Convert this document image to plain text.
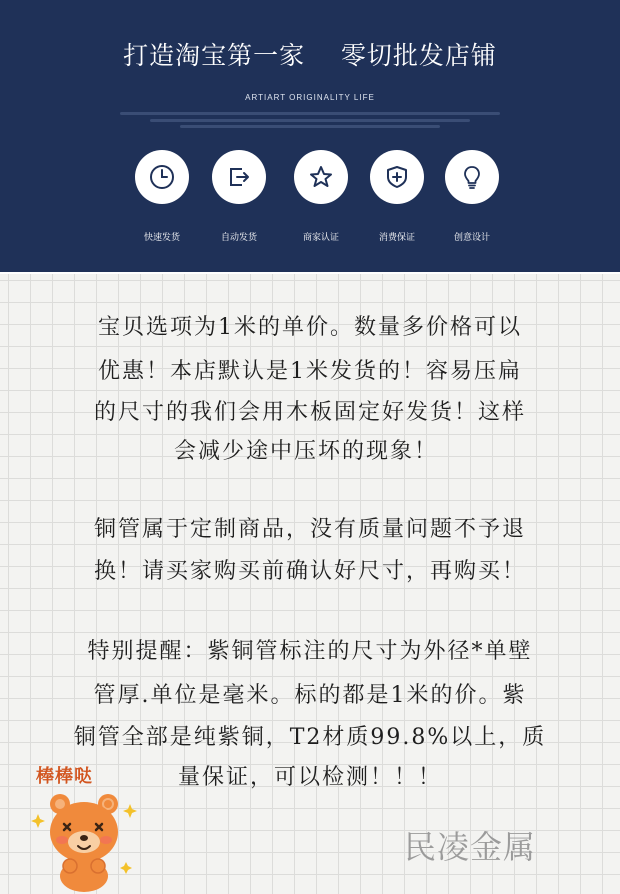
打造淘宝第一家    零切批发店铺
ARTIART ORIGINALITY LIFE
快速发货	自动发货	商家认证	消费保证	创意设计
宝贝选项为1米的单价。数量多价格可以
优惠！本店默认是1米发货的！容易压扁
的尺寸的我们会用木板固定好发货！这样
会减少途中压坏的现象！
铜管属于定制商品，没有质量问题不予退
换！请买家购买前确认好尺寸，再购买！
特别提醒：紫铜管标注的尺寸为外径*单壁
管厚.单位是毫米。标的都是1米的价。紫
铜管全部是纯紫铜，T2材质99.8%以上，质
量保证，可以检测！！！
棒棒哒
民凌金属
